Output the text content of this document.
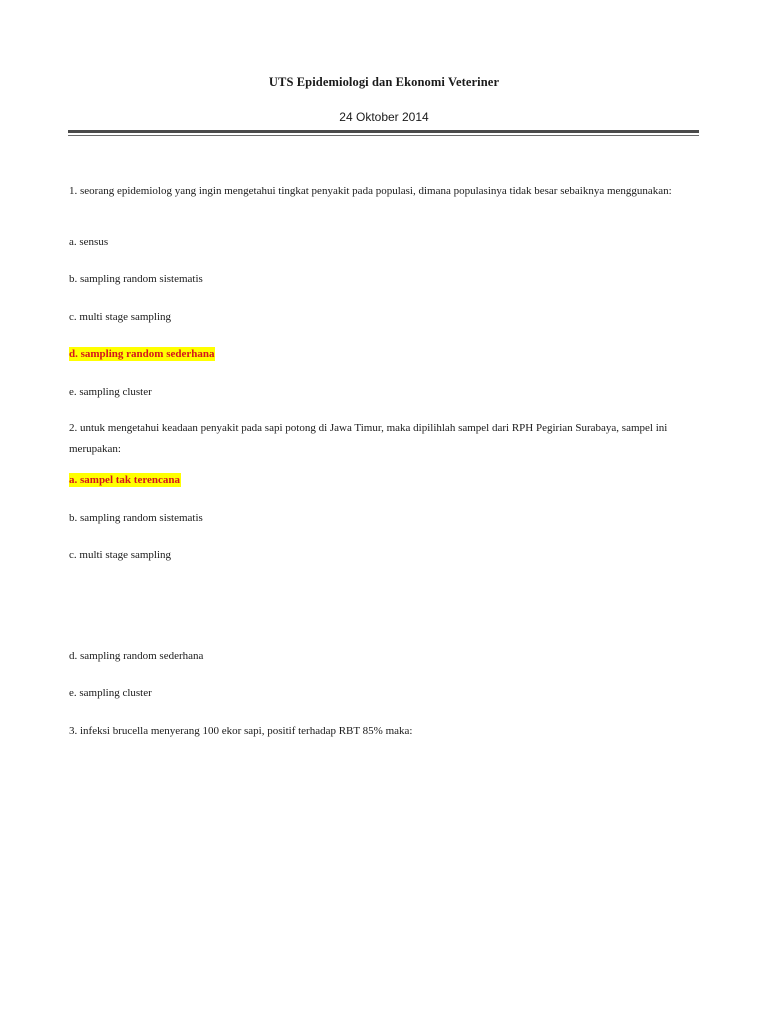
UTS Epidemiologi dan Ekonomi Veteriner
24 Oktober 2014
1. seorang epidemiolog yang ingin mengetahui tingkat penyakit pada populasi, dimana populasinya tidak besar sebaiknya menggunakan:
a. sensus
b. sampling random sistematis
c. multi stage sampling
d. sampling random sederhana
e. sampling cluster
2. untuk mengetahui keadaan penyakit pada sapi potong di Jawa Timur, maka dipilihlah sampel dari RPH Pegirian Surabaya, sampel ini merupakan:
a. sampel tak terencana
b. sampling random sistematis
c. multi stage sampling
d. sampling random sederhana
e. sampling cluster
3. infeksi brucella menyerang 100 ekor sapi, positif terhadap RBT 85% maka:
